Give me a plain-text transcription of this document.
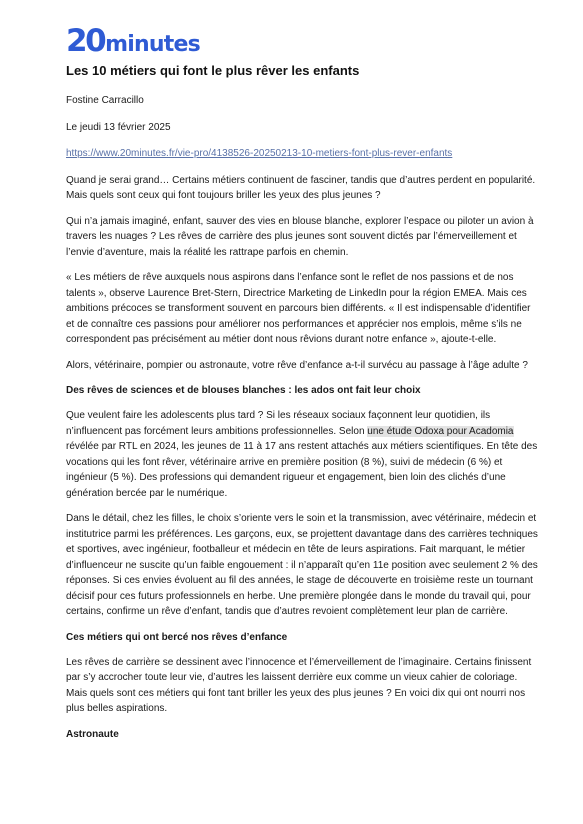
20 minutes
Les 10 métiers qui font le plus rêver les enfants

Fostine Carracillo

Le jeudi 13 février 2025

https://www.20minutes.fr/vie-pro/4138526-20250213-10-metiers-font-plus-rever-enfants

Quand je serai grand… Certains métiers continuent de fasciner, tandis que d’autres perdent en popularité. Mais quels sont ceux qui font toujours briller les yeux des plus jeunes ?

Qui n’a jamais imaginé, enfant, sauver des vies en blouse blanche, explorer l’espace ou piloter un avion à travers les nuages ? Les rêves de carrière des plus jeunes sont souvent dictés par l’émerveillement et l’envie d’aventure, mais la réalité les rattrape parfois en chemin.

« Les métiers de rêve auxquels nous aspirons dans l’enfance sont le reflet de nos passions et de nos talents », observe Laurence Bret-Stern, Directrice Marketing de LinkedIn pour la région EMEA. Mais ces ambitions précoces se transforment souvent en parcours bien différents. « Il est indispensable d’identifier et de connaître ces passions pour améliorer nos performances et apprécier nos emplois, même s’ils ne correspondent pas précisément au métier dont nous rêvions durant notre enfance », ajoute-t-elle.

Alors, vétérinaire, pompier ou astronaute, votre rêve d’enfance a-t-il survécu au passage à l’âge adulte ?

Des rêves de sciences et de blouses blanches : les ados ont fait leur choix

Que veulent faire les adolescents plus tard ? Si les réseaux sociaux façonnent leur quotidien, ils n’influencent pas forcément leurs ambitions professionnelles. Selon une étude Odoxa pour Acadomia révélée par RTL en 2024, les jeunes de 11 à 17 ans restent attachés aux métiers scientifiques. En tête des vocations qui les font rêver, vétérinaire arrive en première position (8 %), suivi de médecin (6 %) et ingénieur (5 %). Des professions qui demandent rigueur et engagement, bien loin des clichés d’une génération bercée par le numérique.

Dans le détail, chez les filles, le choix s’oriente vers le soin et la transmission, avec vétérinaire, médecin et institutrice parmi les préférences. Les garçons, eux, se projettent davantage dans des carrières techniques et sportives, avec ingénieur, footballeur et médecin en tête de leurs aspirations. Fait marquant, le métier d’influenceur ne suscite qu’un faible engouement : il n’apparaît qu’en 11e position avec seulement 2 % des réponses. Si ces envies évoluent au fil des années, le stage de découverte en troisième reste un tournant décisif pour ces futurs professionnels en herbe. Une première plongée dans le monde du travail qui, pour certains, confirme un rêve d’enfant, tandis que d’autres revoient complètement leur plan de carrière.

Ces métiers qui ont bercé nos rêves d’enfance

Les rêves de carrière se dessinent avec l’innocence et l’émerveillement de l’imaginaire. Certains finissent par s’y accrocher toute leur vie, d’autres les laissent derrière eux comme un vieux cahier de coloriage. Mais quels sont ces métiers qui font tant briller les yeux des plus jeunes ? En voici dix qui ont nourri nos plus belles aspirations.

Astronaute
